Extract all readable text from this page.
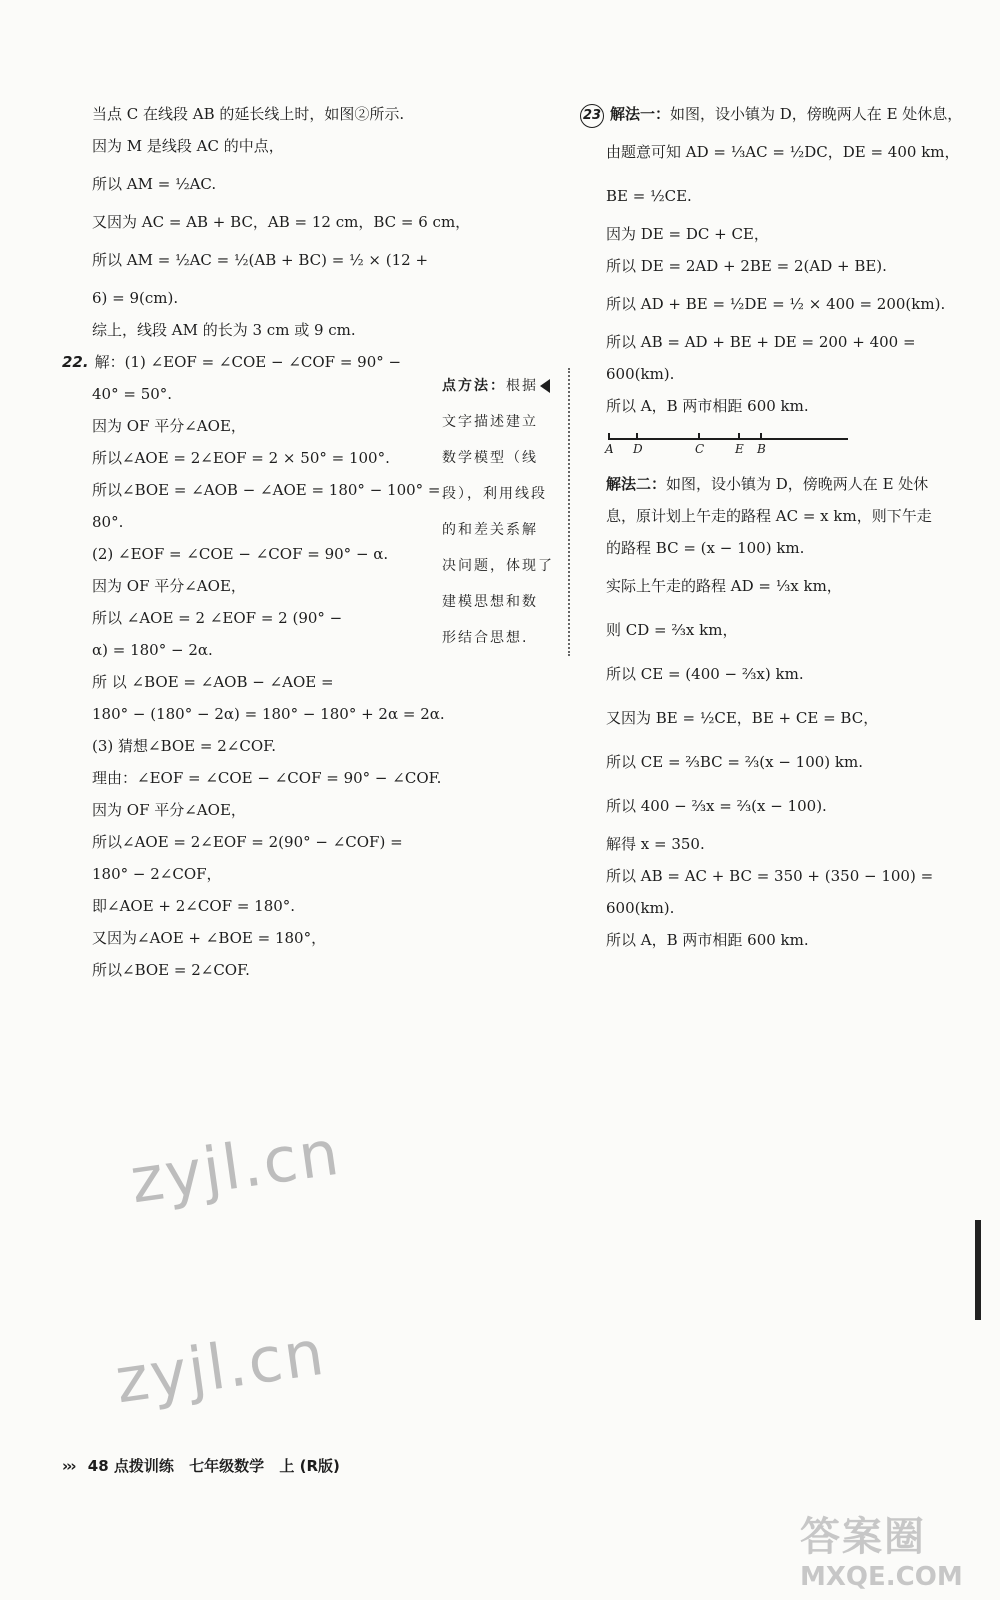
当点 C 在线段 AB 的延长线上时，如图②所示.
因为 M 是线段 AC 的中点，
所以 AM = ½AC.
又因为 AC = AB + BC，AB = 12 cm，BC = 6 cm，
所以 AM = ½AC = ½(AB + BC) = ½ × (12 +
6) = 9(cm).
综上，线段 AM 的长为 3 cm 或 9 cm.
22. 解：(1) ∠EOF = ∠COE − ∠COF = 90° −
40° = 50°.
因为 OF 平分∠AOE，
所以∠AOE = 2∠EOF = 2 × 50° = 100°.
所以∠BOE = ∠AOB − ∠AOE = 180° − 100° =
80°.
(2) ∠EOF = ∠COE − ∠COF = 90° − α.
因为 OF 平分∠AOE，
所以 ∠AOE = 2 ∠EOF = 2 (90° −
α) = 180° − 2α.
所 以 ∠BOE = ∠AOB − ∠AOE =
180° − (180° − 2α) = 180° − 180° + 2α = 2α.
(3) 猜想∠BOE = 2∠COF.
理由：∠EOF = ∠COE − ∠COF = 90° − ∠COF.
因为 OF 平分∠AOE，
所以∠AOE = 2∠EOF = 2(90° − ∠COF) =
180° − 2∠COF，
即∠AOE + 2∠COF = 180°.
又因为∠AOE + ∠BOE = 180°，
所以∠BOE = 2∠COF.
点方法：根据
文字描述建立
数学模型（线
段），利用线段
的和差关系解
决问题，体现了
建模思想和数
形结合思想.
23 解法一：如图，设小镇为 D，傍晚两人在 E 处休息，
由题意可知 AD = ⅓AC = ½DC，DE = 400 km，
BE = ½CE.
因为 DE = DC + CE，
所以 DE = 2AD + 2BE = 2(AD + BE).
所以 AD + BE = ½DE = ½ × 400 = 200(km).
所以 AB = AD + BE + DE = 200 + 400 =
600(km).
所以 A，B 两市相距 600 km.
A D	C	E B
解法二：如图，设小镇为 D，傍晚两人在 E 处休
息，原计划上午走的路程 AC = x km，则下午走
的路程 BC = (x − 100) km.
实际上午走的路程 AD = ⅓x km，
则 CD = ⅔x km，
所以 CE = (400 − ⅔x) km.
又因为 BE = ½CE，BE + CE = BC，
所以 CE = ⅔BC = ⅔(x − 100) km.
所以 400 − ⅔x = ⅔(x − 100).
解得 x = 350.
所以 AB = AC + BC = 350 + (350 − 100) =
600(km).
所以 A，B 两市相距 600 km.
zyjl.cn
zyjl.cn
答案圈
MXQE.COM
››› 48 点拨训练 七年级数学 上 (R版)
